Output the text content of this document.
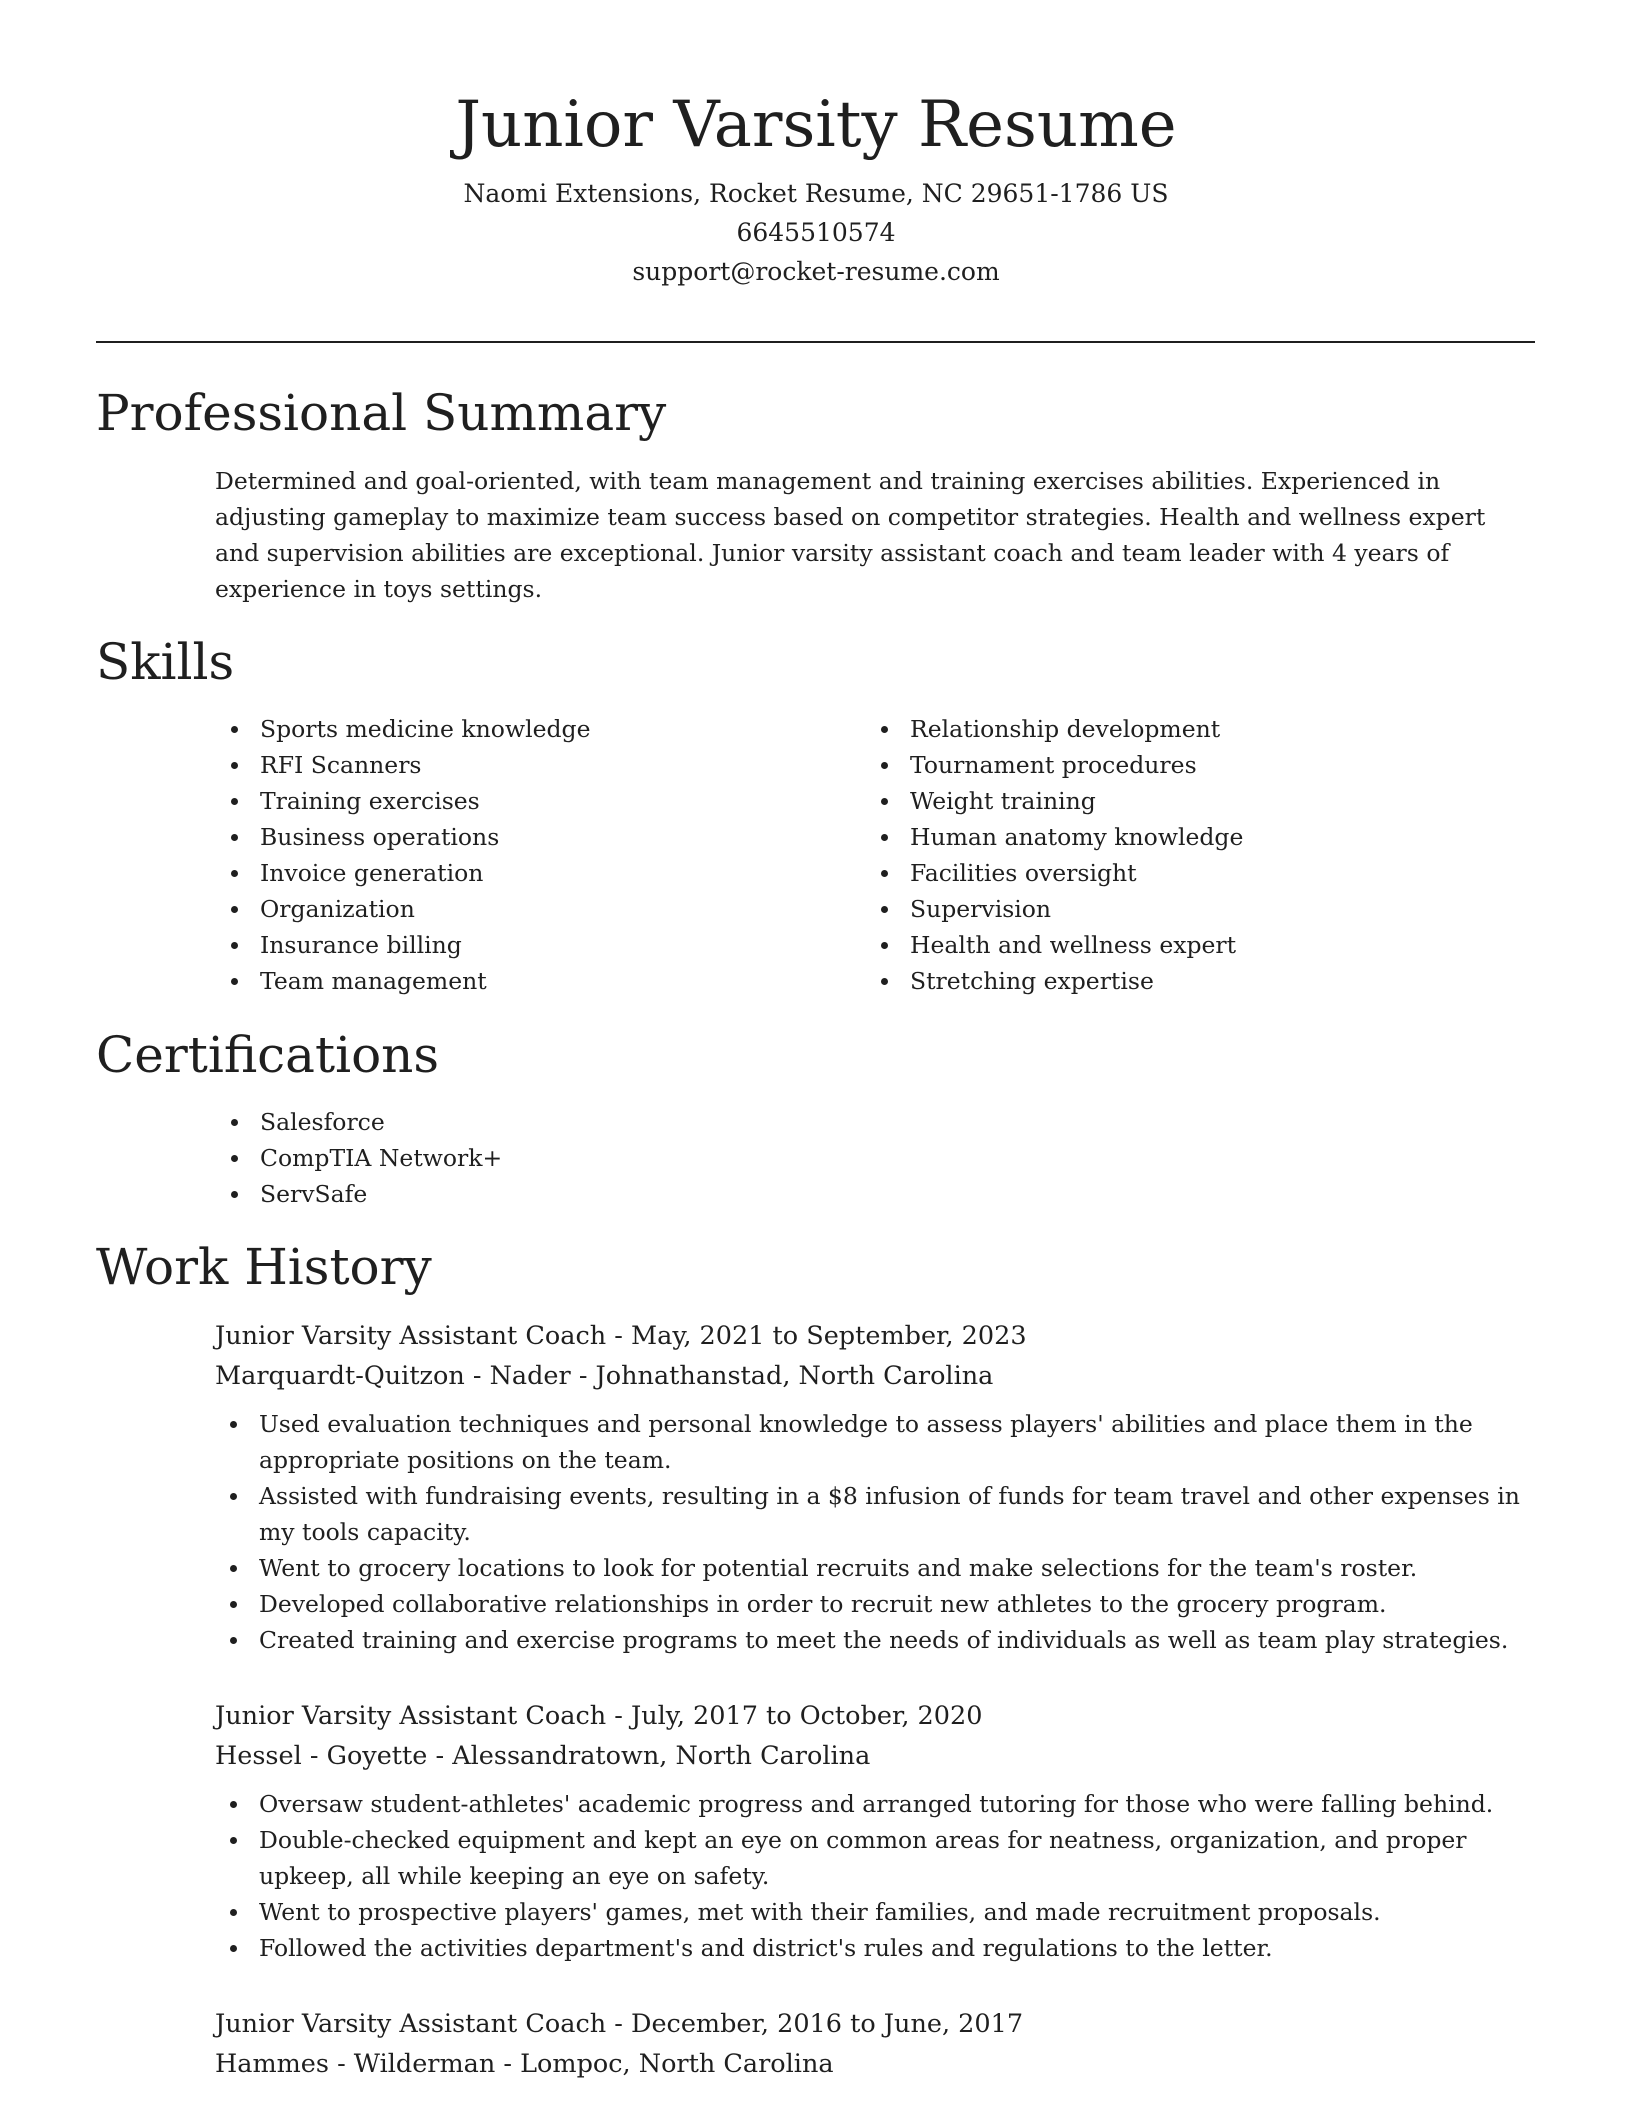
Junior Varsity Resume

Naomi Extensions, Rocket Resume, NC 29651-1786 US

6645510574

support@rocket-resume.com

Professional Summary

Determined and goal-oriented, with team management and training exercises abilities. Experienced in adjusting gameplay to maximize team success based on competitor strategies. Health and wellness expert and supervision abilities are exceptional. Junior varsity assistant coach and team leader with 4 years of experience in toys settings.

Skills
Sports medicine knowledge
RFI Scanners
Training exercises
Business operations
Invoice generation
Organization
Insurance billing
Team management
Relationship development
Tournament procedures
Weight training
Human anatomy knowledge
Facilities oversight
Supervision
Health and wellness expert
Stretching expertise
Certifications
Salesforce
CompTIA Network+
ServSafe
Work History

Junior Varsity Assistant Coach - May, 2021 to September, 2023

Marquardt-Quitzon - Nader - Johnathanstad, North Carolina

Used evaluation techniques and personal knowledge to assess players' abilities and place them in the appropriate positions on the team.
Assisted with fundraising events, resulting in a $8 infusion of funds for team travel and other expenses in my tools capacity.
Went to grocery locations to look for potential recruits and make selections for the team's roster.
Developed collaborative relationships in order to recruit new athletes to the grocery program.
Created training and exercise programs to meet the needs of individuals as well as team play strategies.

Junior Varsity Assistant Coach - July, 2017 to October, 2020

Hessel - Goyette - Alessandratown, North Carolina

Oversaw student-athletes' academic progress and arranged tutoring for those who were falling behind.
Double-checked equipment and kept an eye on common areas for neatness, organization, and proper upkeep, all while keeping an eye on safety.
Went to prospective players' games, met with their families, and made recruitment proposals.
Followed the activities department's and district's rules and regulations to the letter.

Junior Varsity Assistant Coach - December, 2016 to June, 2017

Hammes - Wilderman - Lompoc, North Carolina
